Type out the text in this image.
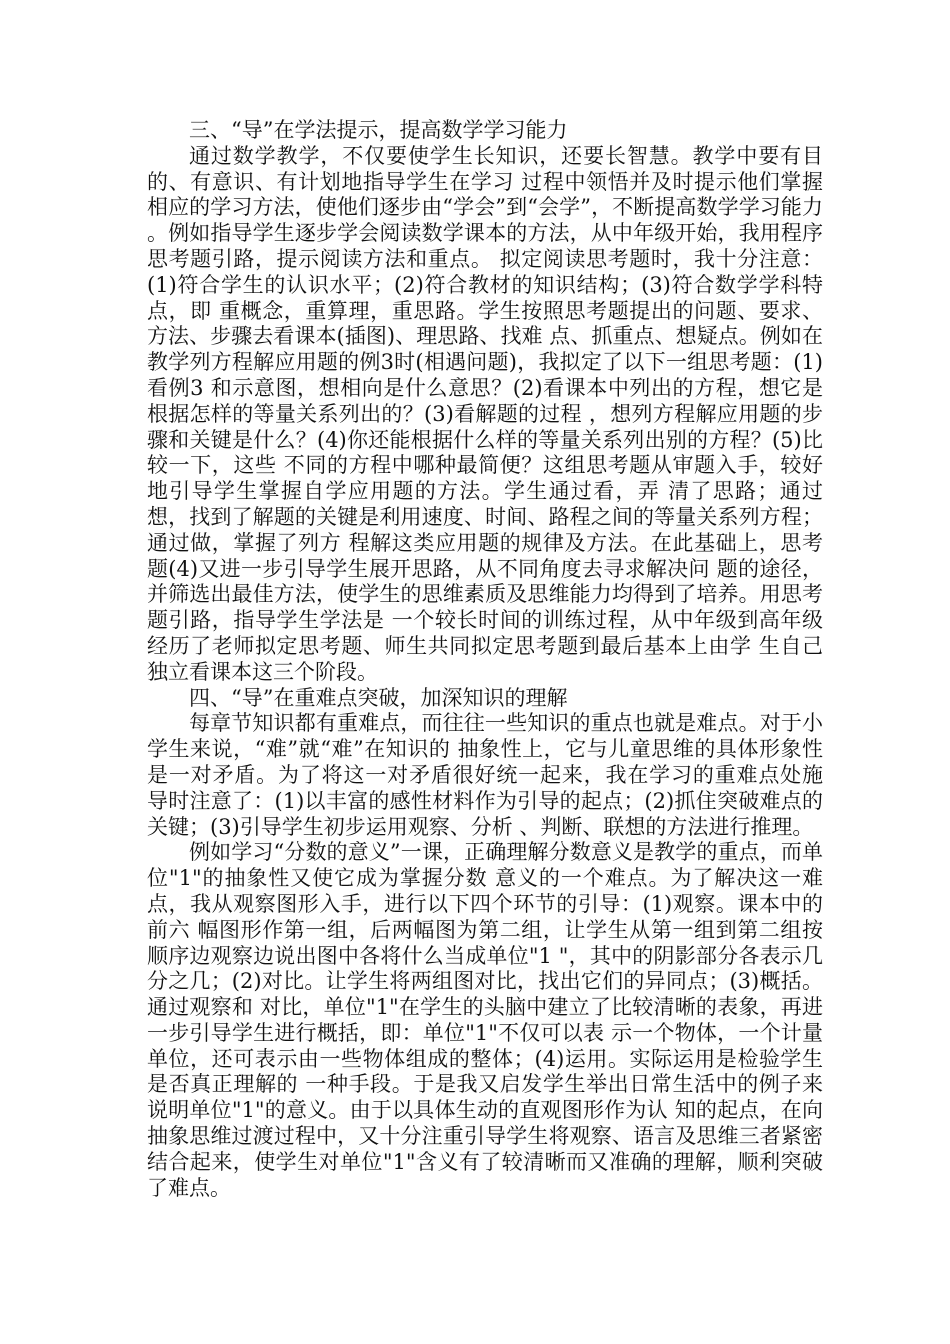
三、“导”在学法提示，提高数学学习能力

通过数学教学，不仅要使学生长知识，还要长智慧。教学中要有目的、有意识、有计划地指导学生在学习 过程中领悟并及时提示他们掌握相应的学习方法，使他们逐步由“学会”到“会学”，不断提高数学学习能力 。例如指导学生逐步学会阅读数学课本的方法，从中年级开始，我用程序思考题引路，提示阅读方法和重点。 拟定阅读思考题时，我十分注意：(1)符合学生的认识水平；(2)符合教材的知识结构；(3)符合数学学科特点，即 重概念，重算理，重思路。学生按照思考题提出的问题、要求、方法、步骤去看课本(插图)、理思路、找难 点、抓重点、想疑点。例如在教学列方程解应用题的例3时(相遇问题)，我拟定了以下一组思考题：(1)看例3 和示意图，想相向是什么意思？(2)看课本中列出的方程，想它是根据怎样的等量关系列出的？(3)看解题的过程 ，想列方程解应用题的步骤和关键是什么？(4)你还能根据什么样的等量关系列出别的方程？(5)比较一下，这些 不同的方程中哪种最简便？这组思考题从审题入手，较好地引导学生掌握自学应用题的方法。学生通过看，弄 清了思路；通过想，找到了解题的关键是利用速度、时间、路程之间的等量关系列方程；通过做，掌握了列方 程解这类应用题的规律及方法。在此基础上，思考题(4)又进一步引导学生展开思路，从不同角度去寻求解决问 题的途径，并筛选出最佳方法，使学生的思维素质及思维能力均得到了培养。用思考题引路，指导学生学法是 一个较长时间的训练过程，从中年级到高年级经历了老师拟定思考题、师生共同拟定思考题到最后基本上由学 生自己独立看课本这三个阶段。

四、“导”在重难点突破，加深知识的理解

每章节知识都有重难点，而往往一些知识的重点也就是难点。对于小学生来说，“难”就“难”在知识的 抽象性上，它与儿童思维的具体形象性是一对矛盾。为了将这一对矛盾很好统一起来，我在学习的重难点处施 导时注意了：(1)以丰富的感性材料作为引导的起点；(2)抓住突破难点的关键；(3)引导学生初步运用观察、分析 、判断、联想的方法进行推理。

例如学习“分数的意义”一课，正确理解分数意义是教学的重点，而单位"1"的抽象性又使它成为掌握分数 意义的一个难点。为了解决这一难点，我从观察图形入手，进行以下四个环节的引导：(1)观察。课本中的前六 幅图形作第一组，后两幅图为第二组，让学生从第一组到第二组按顺序边观察边说出图中各将什么当成单位"1 "，其中的阴影部分各表示几分之几；(2)对比。让学生将两组图对比，找出它们的异同点；(3)概括。通过观察和 对比，单位"1"在学生的头脑中建立了比较清晰的表象，再进一步引导学生进行概括，即：单位"1"不仅可以表 示一个物体，一个计量单位，还可表示由一些物体组成的整体；(4)运用。实际运用是检验学生是否真正理解的 一种手段。于是我又启发学生举出日常生活中的例子来说明单位"1"的意义。由于以具体生动的直观图形作为认 知的起点，在向抽象思维过渡过程中，又十分注重引导学生将观察、语言及思维三者紧密结合起来，使学生对单位"1"含义有了较清晰而又准确的理解，顺利突破了难点。
